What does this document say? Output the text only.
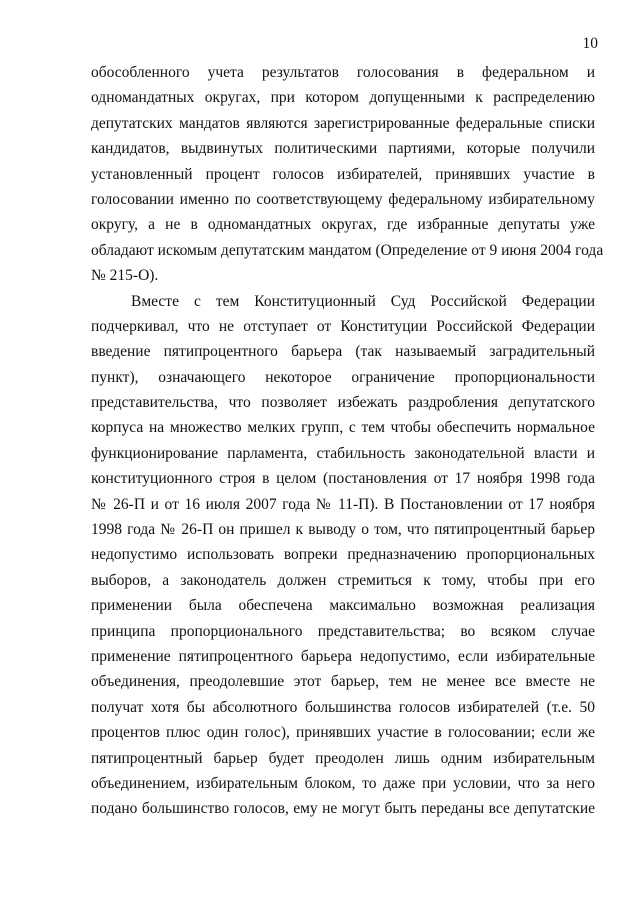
10
обособленного учета результатов голосования в федеральном и
одномандатных округах, при котором допущенными к распределению
депутатских мандатов являются зарегистрированные федеральные списки
кандидатов, выдвинутых политическими партиями, которые получили
установленный процент голосов избирателей, принявших участие в
голосовании именно по соответствующему федеральному избирательному
округу, а не в одномандатных округах, где избранные депутаты уже
обладают искомым депутатским мандатом (Определение от 9 июня 2004 года
№ 215-О).
Вместе с тем Конституционный Суд Российской Федерации
подчеркивал, что не отступает от Конституции Российской Федерации
введение пятипроцентного барьера (так называемый заградительный
пункт), означающего некоторое ограничение пропорциональности
представительства, что позволяет избежать раздробления депутатского
корпуса на множество мелких групп, с тем чтобы обеспечить нормальное
функционирование парламента, стабильность законодательной власти и
конституционного строя в целом (постановления от 17 ноября 1998 года
№ 26-П и от 16 июля 2007 года № 11-П). В Постановлении от 17 ноября
1998 года № 26-П он пришел к выводу о том, что пятипроцентный барьер
недопустимо использовать вопреки предназначению пропорциональных
выборов, а законодатель должен стремиться к тому, чтобы при его
применении была обеспечена максимально возможная реализация
принципа пропорционального представительства; во всяком случае
применение пятипроцентного барьера недопустимо, если избирательные
объединения, преодолевшие этот барьер, тем не менее все вместе не
получат хотя бы абсолютного большинства голосов избирателей (т.е. 50
процентов плюс один голос), принявших участие в голосовании; если же
пятипроцентный барьер будет преодолен лишь одним избирательным
объединением, избирательным блоком, то даже при условии, что за него
подано большинство голосов, ему не могут быть переданы все депутатские
